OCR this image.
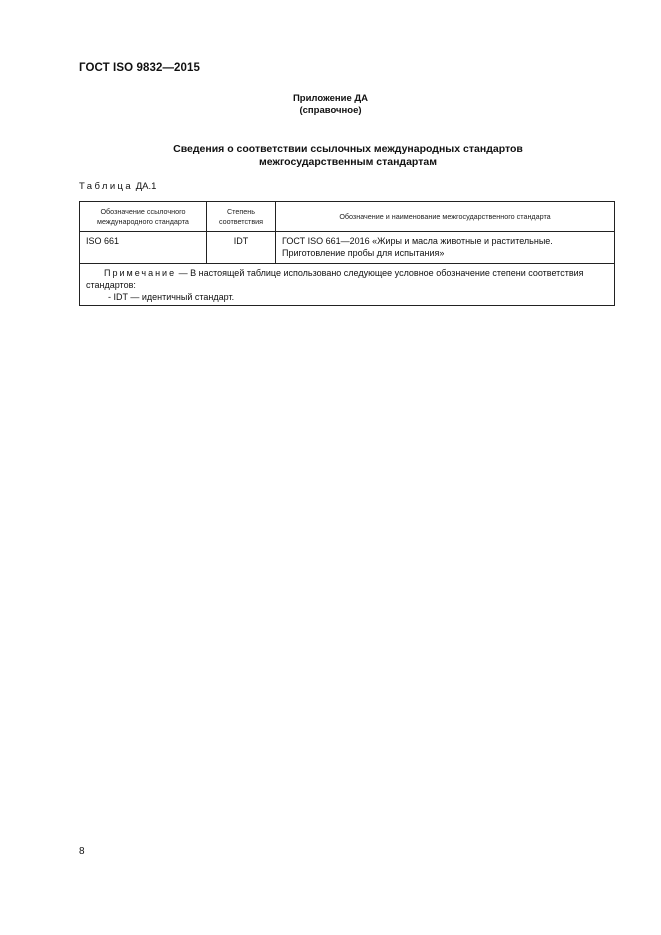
ГОСТ ISO 9832—2015
Приложение ДА
(справочное)
Сведения о соответствии ссылочных международных стандартов
межгосударственным стандартам
Таблица ДА.1
Обозначение ссылочного международного стандарта	Степень соответствия	Обозначение и наименование межгосударственного стандарта
ISO 661	IDT	ГОСТ ISO 661—2016 «Жиры и масла животные и растительные. Приготовление пробы для испытания»

Примечание — В настоящей таблице использовано следующее условное обозначение степени соответствия стандартов:
- IDT — идентичный стандарт.		
8
